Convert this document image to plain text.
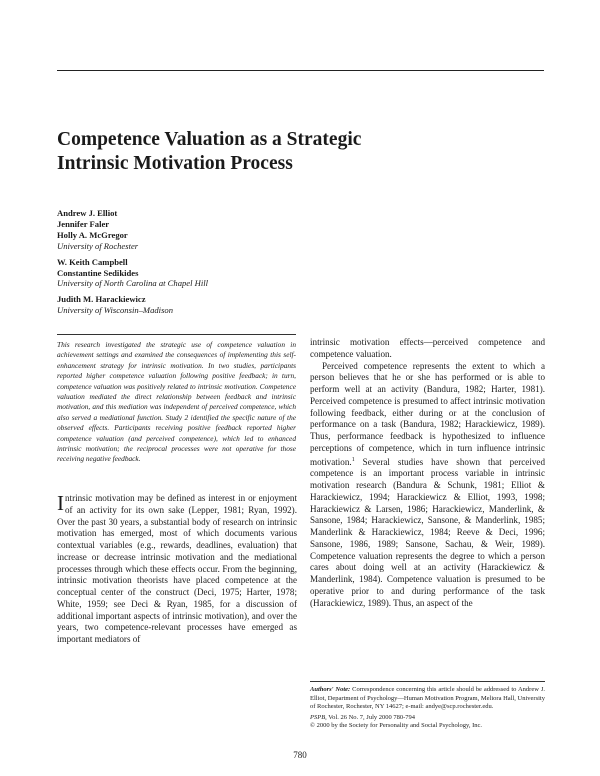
Competence Valuation as a Strategic
Intrinsic Motivation Process
Andrew J. Elliot
Jennifer Faler
Holly A. McGregor
University of Rochester
W. Keith Campbell
Constantine Sedikides
University of North Carolina at Chapel Hill
Judith M. Harackiewicz
University of Wisconsin–Madison
This research investigated the strategic use of competence valuation in achievement settings and examined the consequences of implementing this self-enhancement strategy for intrinsic motivation. In two studies, participants reported higher competence valuation following positive feedback; in turn, competence valuation was positively related to intrinsic motivation. Competence valuation mediated the direct relationship between feedback and intrinsic motivation, and this mediation was independent of perceived competence, which also served a mediational function. Study 2 identified the specific nature of the observed effects. Participants receiving positive feedback reported higher competence valuation (and perceived competence), which led to enhanced intrinsic motivation; the reciprocal processes were not operative for those receiving negative feedback.

Intrinsic motivation may be defined as interest in or enjoyment of an activity for its own sake (Lepper, 1981; Ryan, 1992). Over the past 30 years, a substantial body of research on intrinsic motivation has emerged, most of which documents various contextual variables (e.g., rewards, deadlines, evaluation) that increase or decrease intrinsic motivation and the mediational processes through which these effects occur. From the beginning, intrinsic motivation theorists have placed competence at the conceptual center of the construct (Deci, 1975; Harter, 1978; White, 1959; see Deci & Ryan, 1985, for a discussion of additional important aspects of intrinsic motivation), and over the years, two competence-relevant processes have emerged as important mediators of

intrinsic motivation effects—perceived competence and competence valuation.

Perceived competence represents the extent to which a person believes that he or she has performed or is able to perform well at an activity (Bandura, 1982; Harter, 1981). Perceived competence is presumed to affect intrinsic motivation following feedback, either during or at the conclusion of performance on a task (Bandura, 1982; Harackiewicz, 1989). Thus, performance feedback is hypothesized to influence perceptions of competence, which in turn influence intrinsic motivation.$^1$ Several studies have shown that perceived competence is an important process variable in intrinsic motivation research (Bandura & Schunk, 1981; Elliot & Harackiewicz, 1994; Harackiewicz & Elliot, 1993, 1998; Harackiewicz & Larsen, 1986; Harackiewicz, Manderlink, & Sansone, 1984; Harackiewicz, Sansone, & Manderlink, 1985; Manderlink & Harackiewicz, 1984; Reeve & Deci, 1996; Sansone, 1986, 1989; Sansone, Sachau, & Weir, 1989). Competence valuation represents the degree to which a person cares about doing well at an activity (Harackiewicz & Manderlink, 1984). Competence valuation is presumed to be operative prior to and during performance of the task (Harackiewicz, 1989). Thus, an aspect of the

Authors' Note: Correspondence concerning this article should be addressed to Andrew J. Elliot, Department of Psychology—Human Motivation Program, Meliora Hall, University of Rochester, Rochester, NY 14627; e-mail: andye@scp.rochester.edu.
PSPB, Vol. 26 No. 7, July 2000 780-794
© 2000 by the Society for Personality and Social Psychology, Inc.
780
